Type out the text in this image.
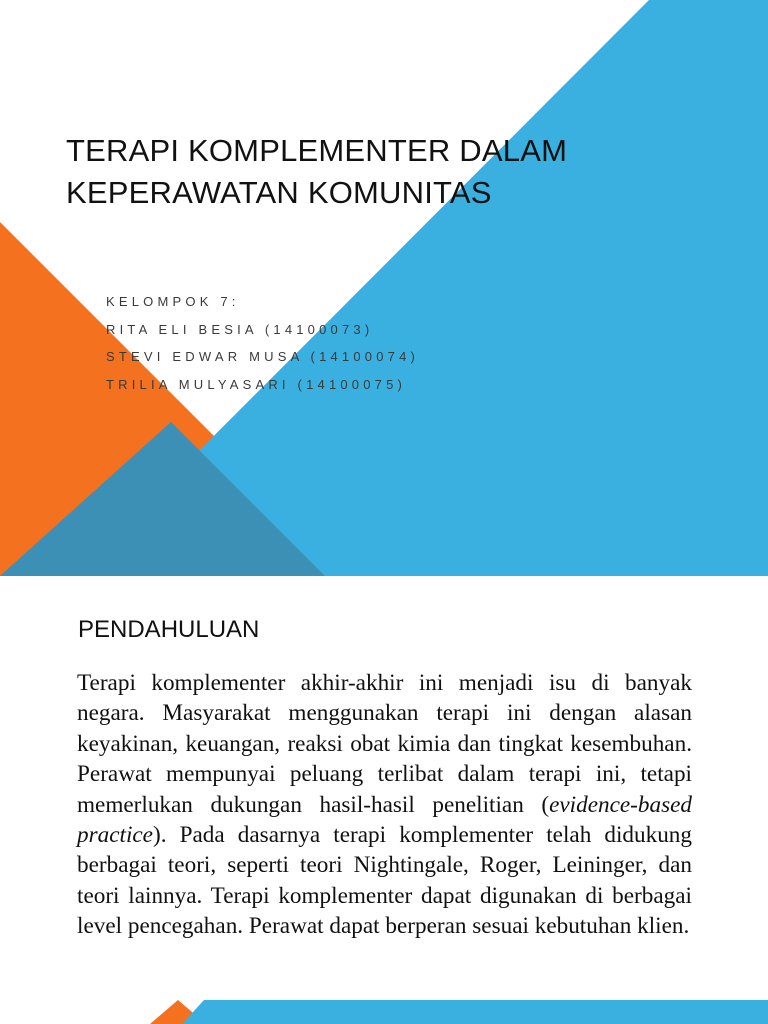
TERAPI KOMPLEMENTER DALAM
KEPERAWATAN KOMUNITAS
KELOMPOK 7:
RITA ELI BESIA (14100073)
STEVI EDWAR MUSA (14100074)
TRILIA MULYASARI (14100075)
PENDAHULUAN

Terapi komplementer akhir-akhir ini menjadi isu di banyak negara. Masyarakat menggunakan terapi ini dengan alasan keyakinan, keuangan, reaksi obat kimia dan tingkat kesembuhan. Perawat mempunyai peluang terlibat dalam terapi ini, tetapi memerlukan dukungan hasil-hasil penelitian (evidence-based practice). Pada dasarnya terapi komplementer telah didukung berbagai teori, seperti teori Nightingale, Roger, Leininger, dan teori lainnya. Terapi komplementer dapat digunakan di berbagai level pencegahan. Perawat dapat berperan sesuai kebutuhan klien.
